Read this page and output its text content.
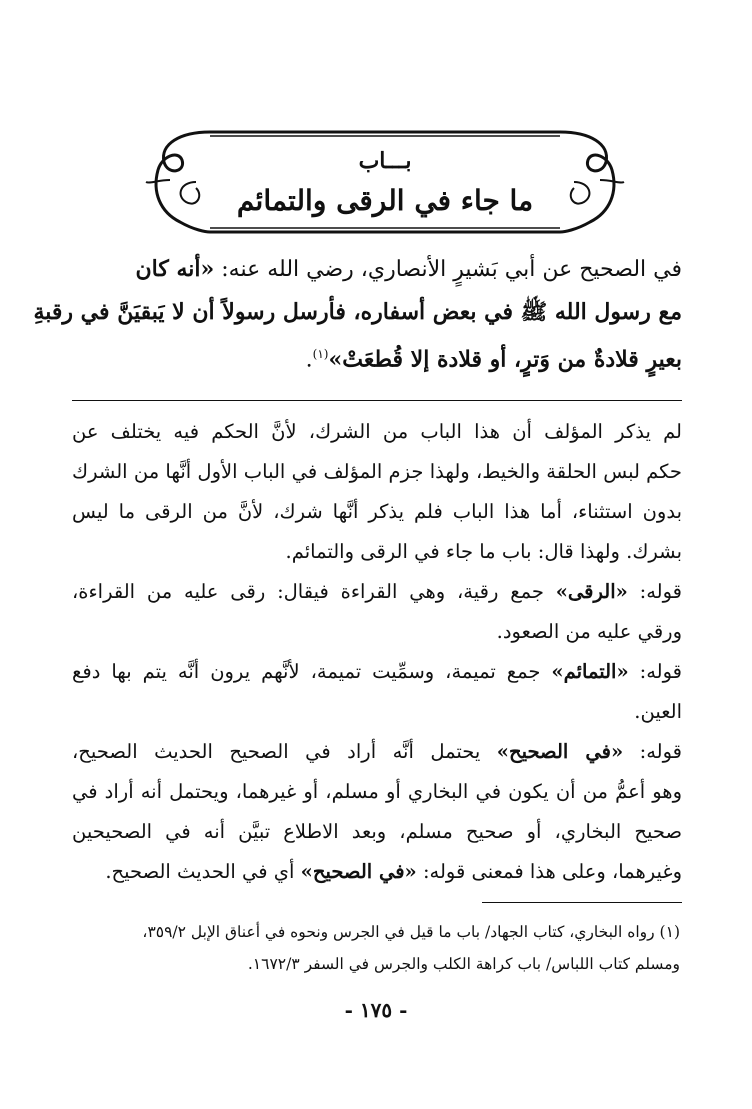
بـــاب
ما جاء في الرقى والتمائم
في الصحيح عن أبي بَشيرٍ الأنصاري، رضي الله عنه: «أنه كان
مع رسول الله ﷺ في بعض أسفاره، فأرسل رسولاً أن لا يَبقيَنَّ في رقبةِ
بعيرٍ قلادةٌ من وَترٍ، أو قلادة إلا قُطعَتْ»$^{(١)}$.
لم يذكر المؤلف أن هذا الباب من الشرك، لأنَّ الحكم فيه يختلف عن
حكم لبس الحلقة والخيط، ولهذا جزم المؤلف في الباب الأول أنَّها من الشرك
بدون استثناء، أما هذا الباب فلم يذكر أنَّها شرك، لأنَّ من الرقى ما ليس
بشرك. ولهذا قال: باب ما جاء في الرقى والتمائم.
قوله: «الرقى» جمع رقية، وهي القراءة فيقال: رقى عليه من القراءة،
ورقي عليه من الصعود.
قوله: «التمائم» جمع تميمة، وسمِّيت تميمة، لأنَّهم يرون أنَّه يتم بها دفع
العين.
قوله: «في الصحيح» يحتمل أنَّه أراد في الصحيح الحديث الصحيح،
وهو أعمُّ من أن يكون في البخاري أو مسلم، أو غيرهما، ويحتمل أنه أراد في
صحيح البخاري، أو صحيح مسلم، وبعد الاطلاع تبيَّن أنه في الصحيحين
وغيرهما، وعلى هذا فمعنى قوله: «في الصحيح» أي في الحديث الصحيح.
(١) رواه البخاري، كتاب الجهاد/ باب ما قيل في الجرس ونحوه في أعناق الإبل ٣٥٩/٢،
ومسلم كتاب اللباس/ باب كراهة الكلب والجرس في السفر ١٦٧٢/٣.
- ١٧٥ -
